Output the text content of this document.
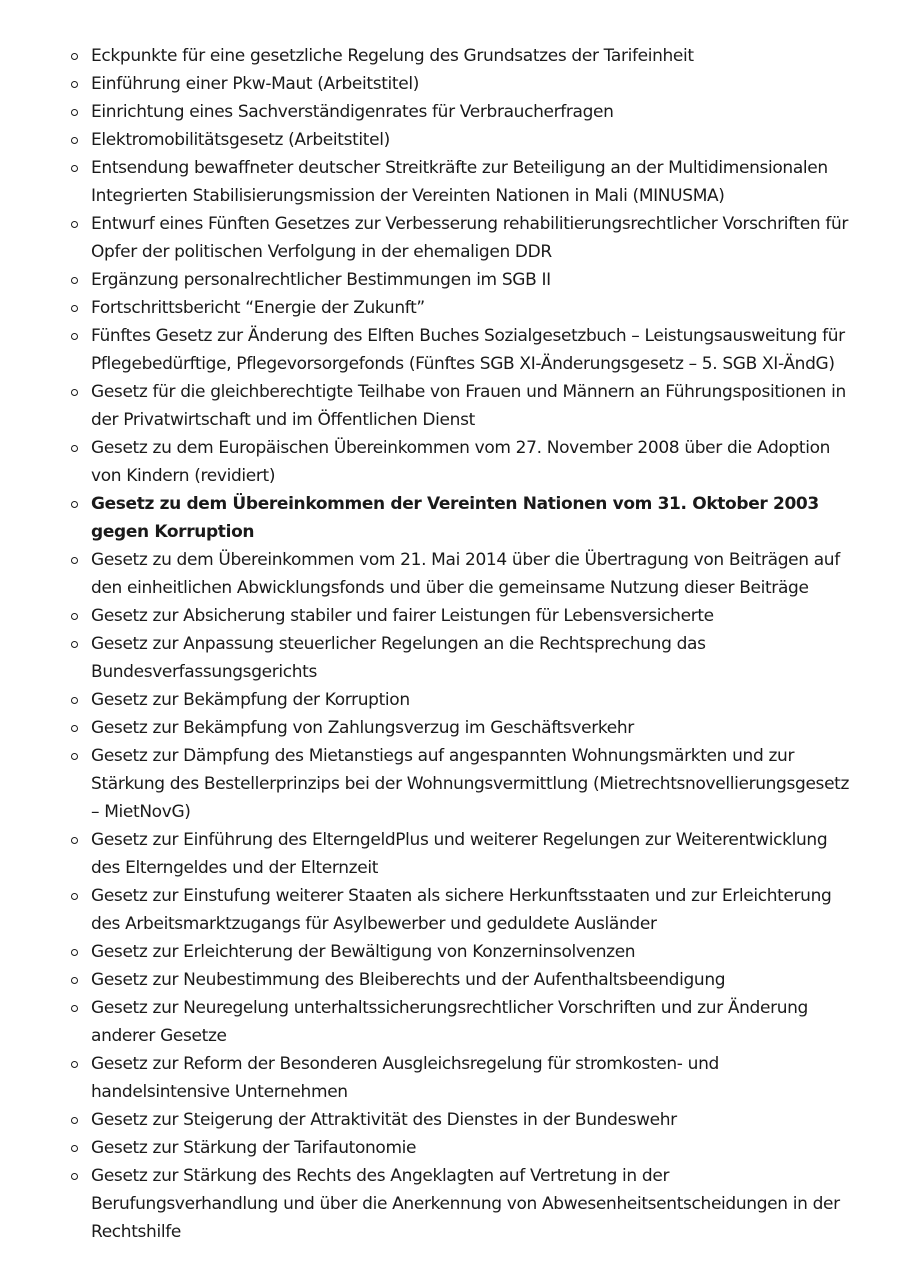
Eckpunkte für eine gesetzliche Regelung des Grundsatzes der Tarifeinheit
Einführung einer Pkw-Maut (Arbeitstitel)
Einrichtung eines Sachverständigenrates für Verbraucherfragen
Elektromobilitätsgesetz (Arbeitstitel)
Entsendung bewaffneter deutscher Streitkräfte zur Beteiligung an der Multidimensionalen Integrierten Stabilisierungsmission der Vereinten Nationen in Mali (MINUSMA)
Entwurf eines Fünften Gesetzes zur Verbesserung rehabilitierungsrechtlicher Vorschriften für Opfer der politischen Verfolgung in der ehemaligen DDR
Ergänzung personalrechtlicher Bestimmungen im SGB II
Fortschrittsbericht “Energie der Zukunft”
Fünftes Gesetz zur Änderung des Elften Buches Sozialgesetzbuch – Leistungsausweitung für Pflegebedürftige, Pflegevorsorgefonds (Fünftes SGB XI-Änderungsgesetz – 5. SGB XI-ÄndG)
Gesetz für die gleichberechtigte Teilhabe von Frauen und Männern an Führungspositionen in der Privatwirtschaft und im Öffentlichen Dienst
Gesetz zu dem Europäischen Übereinkommen vom 27. November 2008 über die Adoption von Kindern (revidiert)
Gesetz zu dem Übereinkommen der Vereinten Nationen vom 31. Oktober 2003 gegen Korruption
Gesetz zu dem Übereinkommen vom 21. Mai 2014 über die Übertragung von Beiträgen auf den einheitlichen Abwicklungsfonds und über die gemeinsame Nutzung dieser Beiträge
Gesetz zur Absicherung stabiler und fairer Leistungen für Lebensversicherte
Gesetz zur Anpassung steuerlicher Regelungen an die Rechtsprechung das Bundesverfassungsgerichts
Gesetz zur Bekämpfung der Korruption
Gesetz zur Bekämpfung von Zahlungsverzug im Geschäftsverkehr
Gesetz zur Dämpfung des Mietanstiegs auf angespannten Wohnungsmärkten und zur Stärkung des Bestellerprinzips bei der Wohnungsvermittlung (Mietrechtsnovellierungsgesetz – MietNovG)
Gesetz zur Einführung des ElterngeldPlus und weiterer Regelungen zur Weiterentwicklung des Elterngeldes und der Elternzeit
Gesetz zur Einstufung weiterer Staaten als sichere Herkunftsstaaten und zur Erleichterung des Arbeitsmarktzugangs für Asylbewerber und geduldete Ausländer
Gesetz zur Erleichterung der Bewältigung von Konzerninsolvenzen
Gesetz zur Neubestimmung des Bleiberechts und der Aufenthaltsbeendigung
Gesetz zur Neuregelung unterhaltssicherungsrechtlicher Vorschriften und zur Änderung anderer Gesetze
Gesetz zur Reform der Besonderen Ausgleichsregelung für stromkosten- und handelsintensive Unternehmen
Gesetz zur Steigerung der Attraktivität des Dienstes in der Bundeswehr
Gesetz zur Stärkung der Tarifautonomie
Gesetz zur Stärkung des Rechts des Angeklagten auf Vertretung in der Berufungsverhandlung und über die Anerkennung von Abwesenheitsentscheidungen in der Rechtshilfe
